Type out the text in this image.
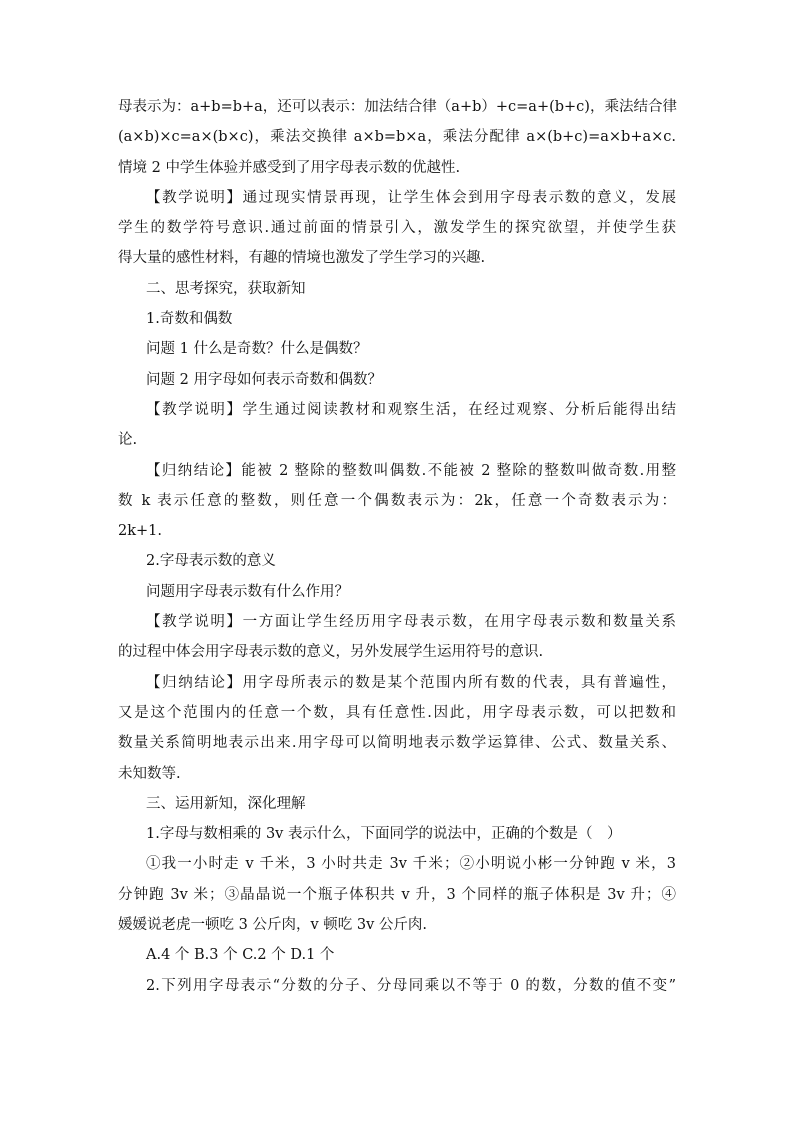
母表示为：a+b=b+a，还可以表示：加法结合律（a+b）+c=a+(b+c)，乘法结合律
(a×b)×c=a×(b×c)，乘法交换律 a×b=b×a，乘法分配律 a×(b+c)=a×b+a×c.
情境 2 中学生体验并感受到了用字母表示数的优越性.
【教学说明】通过现实情景再现，让学生体会到用字母表示数的意义，发展
学生的数学符号意识.通过前面的情景引入，激发学生的探究欲望，并使学生获
得大量的感性材料，有趣的情境也激发了学生学习的兴趣.
二、思考探究，获取新知
1.奇数和偶数
问题 1 什么是奇数？什么是偶数？
问题 2 用字母如何表示奇数和偶数？
【教学说明】学生通过阅读教材和观察生活，在经过观察、分析后能得出结
论.
【归纳结论】能被 2 整除的整数叫偶数.不能被 2 整除的整数叫做奇数.用整
数 k 表示任意的整数，则任意一个偶数表示为：2k，任意一个奇数表示为：
2k+1.
2.字母表示数的意义
问题用字母表示数有什么作用？
【教学说明】一方面让学生经历用字母表示数，在用字母表示数和数量关系
的过程中体会用字母表示数的意义，另外发展学生运用符号的意识.
【归纳结论】用字母所表示的数是某个范围内所有数的代表，具有普遍性，
又是这个范围内的任意一个数，具有任意性.因此，用字母表示数，可以把数和
数量关系简明地表示出来.用字母可以简明地表示数学运算律、公式、数量关系、
未知数等.
三、运用新知，深化理解
1.字母与数相乘的 3v 表示什么，下面同学的说法中，正确的个数是（　）
①我一小时走 v 千米，3 小时共走 3v 千米；②小明说小彬一分钟跑 v 米，3
分钟跑 3v 米；③晶晶说一个瓶子体积共 v 升，3 个同样的瓶子体积是 3v 升；④
媛媛说老虎一顿吃 3 公斤肉，v 顿吃 3v 公斤肉.
A.4 个 B.3 个 C.2 个 D.1 个
2.下列用字母表示“分数的分子、分母同乘以不等于 0 的数，分数的值不变”
